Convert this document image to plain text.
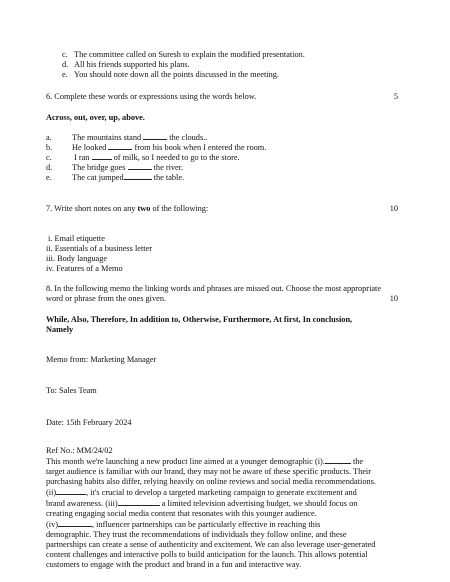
c. The committee called on Suresh to explain the modified presentation.
d. All his friends supported his plans.
e. You should note down all the points discussed in the meeting.
6. Complete these words or expressions using the words below.	5
Across, out, over, up, above.
a. The mountains stand	the clouds..
b. He looked	from his book when I entered the room.
c.	I ran	of milk, so I needed to go to the store.
d. The bridge goes	the river.
e. The cat jumped	the table.
7. Write short notes on any two of the following:	10
i. Email etiquette
ii. Essentials of a business letter
iii. Body language
iv. Features of a Memo
8. In the following memo the linking words and phrases are missed out. Choose the most appropriate
word or phrase from the ones given.	10
While, Also, Therefore, In addition to, Otherwise, Furthermore, At first, In conclusion,
Namely
Memo from: Marketing Manager
To: Sales Team
Date: 15th February 2024
Ref No.: MM/24/02
This month we're launching a new product line aimed at a younger demographic (i).	the
target audience is familiar with our brand, they may not be aware of these specific products. Their
purchasing habits also differ, relying heavily on online reviews and social media recommendations.
(ii)	, it's crucial to develop a targeted marketing campaign to generate excitement and
brand awareness. (iii)	a limited television advertising budget, we should focus on
creating engaging social media content that resonates with this younger audience.
(iv)	, influencer partnerships can be particularly effective in reaching this
demographic. They trust the recommendations of individuals they follow online, and these
partnerships can create a sense of authenticity and excitement. We can also leverage user-generated
content challenges and interactive polls to build anticipation for the launch. This allows potential
customers to engage with the product and brand in a fun and interactive way.
